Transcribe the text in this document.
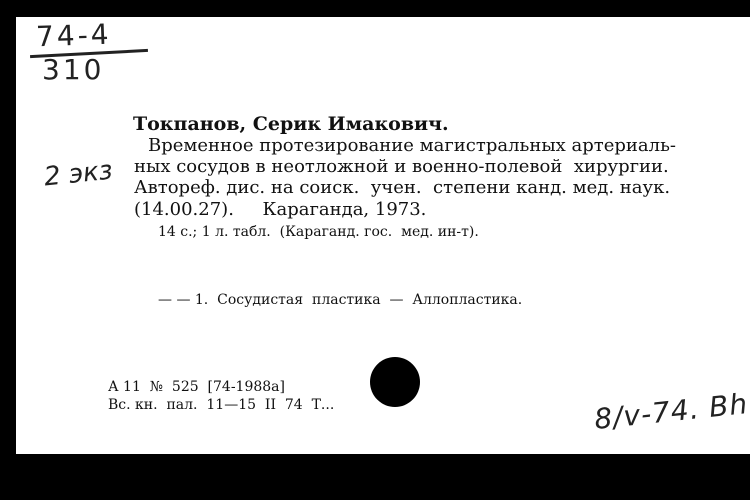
74-4
310
2 экз
Токпанов, Серик Имакович.
Временное протезирование магистральных артериаль-
ных сосудов в неотложной и военно-полевой  хирургии.
Автореф. дис. на соиск.  учен.  степени канд. мед. наук.
(14.00.27).     Караганда, 1973.
14 с.; 1 л. табл.  (Караганд. гос.  мед. ин-т).
— — 1.  Сосудистая  пластика  —  Аллопластика.
А 11  №  525  [74-1988а]
Вс. кн.  пал.  11—15  II  74  Т...	8/v-74. Bh
